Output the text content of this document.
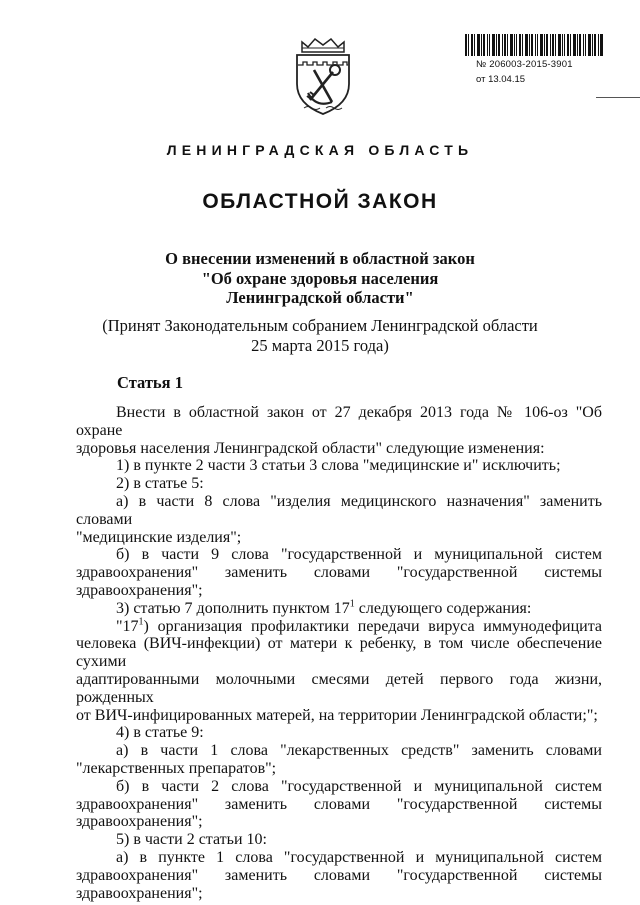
№ 206003-2015-3901
от 13.04.15
ЛЕНИНГРАДСКАЯ ОБЛАСТЬ
ОБЛАСТНОЙ ЗАКОН
О внесении изменений в областной закон
"Об охране здоровья населения
Ленинградской области"
(Принят Законодательным собранием Ленинградской области
25 марта 2015 года)
Статья 1

Внести в областной закон от 27 декабря 2013 года № 106-оз "Об охране

здоровья населения Ленинградской области" следующие изменения:

1) в пункте 2 части 3 статьи 3 слова "медицинские и" исключить;

2) в статье 5:

а) в части 8 слова "изделия медицинского назначения" заменить словами

"медицинские изделия";

б) в части 9 слова "государственной и муниципальной систем

здравоохранения" заменить словами "государственной системы

здравоохранения";

3) статью 7 дополнить пунктом $17^1$ следующего содержания:

"$17^1$) организация профилактики передачи вируса иммунодефицита

человека (ВИЧ-инфекции) от матери к ребенку, в том числе обеспечение сухими

адаптированными молочными смесями детей первого года жизни, рожденных

от ВИЧ-инфицированных матерей, на территории Ленинградской области;";

4) в статье 9:

а) в части 1 слова "лекарственных средств" заменить словами

"лекарственных препаратов";

б) в части 2 слова "государственной и муниципальной систем

здравоохранения" заменить словами "государственной системы

здравоохранения";

5) в части 2 статьи 10:

а) в пункте 1 слова "государственной и муниципальной систем

здравоохранения" заменить словами "государственной системы

здравоохранения";
